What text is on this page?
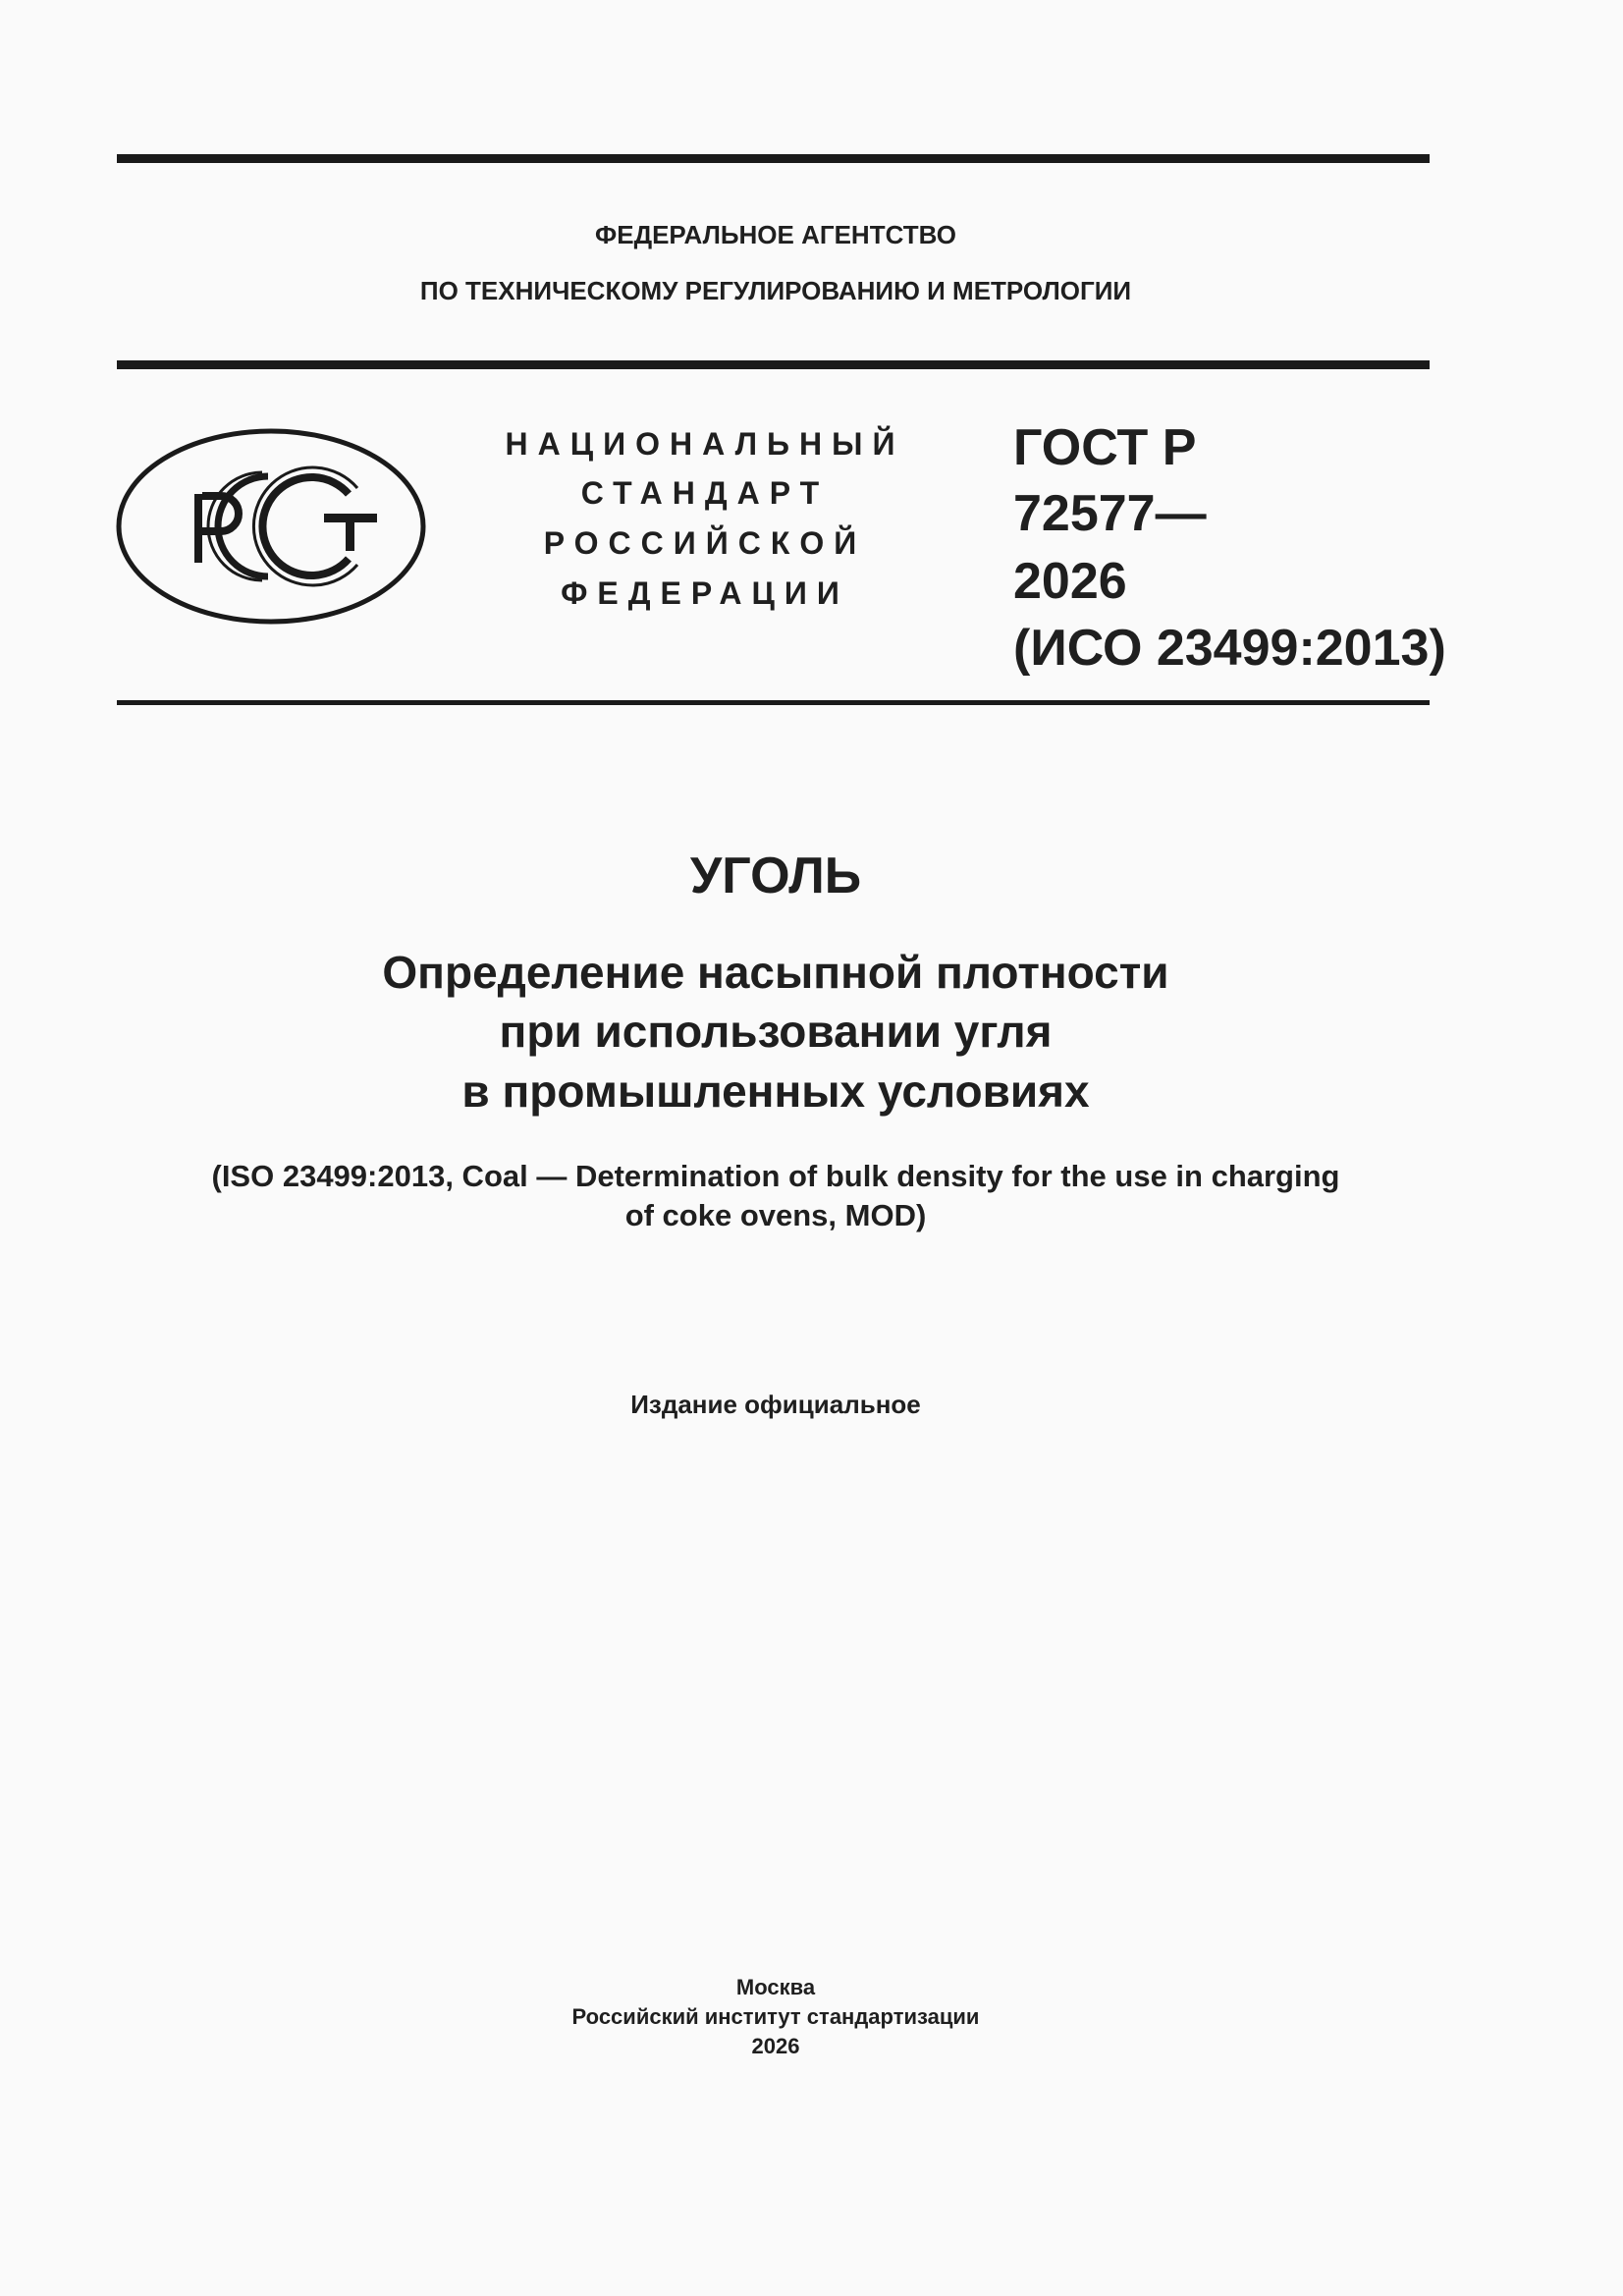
ФЕДЕРАЛЬНОЕ АГЕНТСТВО
ПО ТЕХНИЧЕСКОМУ РЕГУЛИРОВАНИЮ И МЕТРОЛОГИИ
НАЦИОНАЛЬНЫЙ
СТАНДАРТ
РОССИЙСКОЙ
ФЕДЕРАЦИИ
ГОСТ Р
72577—
2026
(ИСО 23499:2013)
УГОЛЬ
Определение насыпной плотности
при использовании угля
в промышленных условиях
(ISO 23499:2013, Coal — Determination of bulk density for the use in charging
of coke ovens, MOD)
Издание официальное
Москва
Российский институт стандартизации
2026
